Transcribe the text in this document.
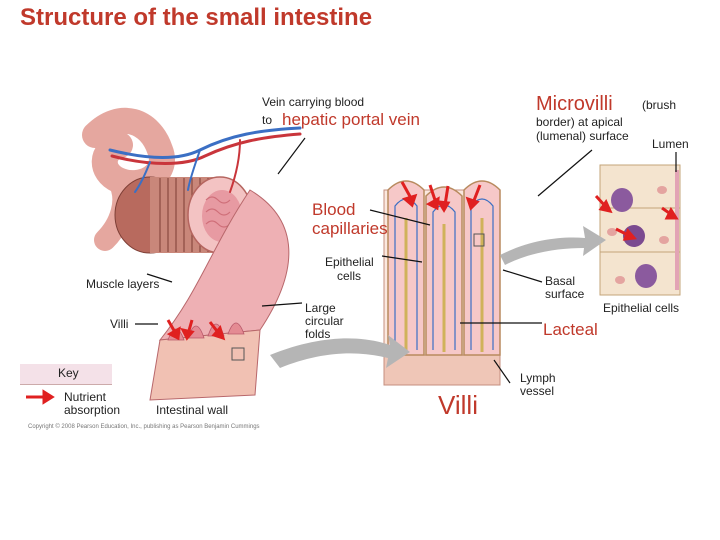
Structure of the small intestine
Vein carrying blood
to hepatic portal vein
Microvilli (brush
border) at apical
(lumenal) surface
Lumen
Blood
capillaries
Epithelial
cells	Basal
surface
Epithelial cells
Muscle layers
Large
circular
folds
Villi	Lacteal
Villi
Lymph
vessel
Intestinal wall
Key
Nutrient
absorption
Copyright © 2008 Pearson Education, Inc., publishing as Pearson Benjamin Cummings
